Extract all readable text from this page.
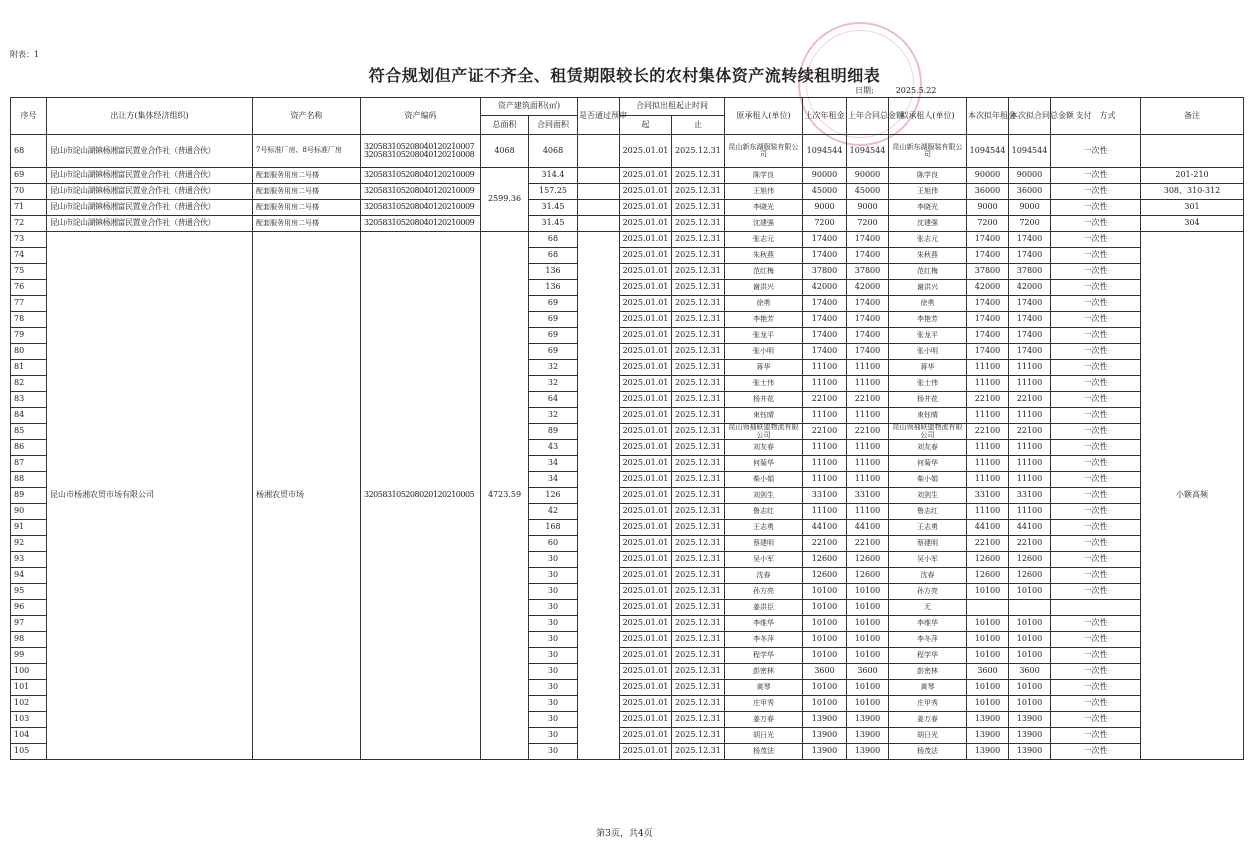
附表：1
符合规划但产证不齐全、租赁期限较长的农村集体资产流转续租明细表
日期:	2025.5.22
序号	出让方(集体经济组织)	资产名称	资产编码	资产建筑面积(㎡)		是否通过预审	合同拟出租起止时间		原承租人(单位)	上次年租金	上年合同总金额	拟承租人(单位)	本次拟年租金	本次拟合同总金额	支付　方式	备注
				总面积	合同面积		起	止								
68	昆山市淀山湖镇杨湘富民置业合作社（普通合伙）	7号标准厂房、8号标准厂房	320583105208040120210007
320583105208040120210008	4068	4068		2025.01.01	2025.12.31	昆山新东湖服装有限公司	1094544	1094544	昆山新东湖服装有限公司	1094544	1094544	一次性	
69	昆山市淀山湖镇杨湘富民置业合作社（普通合伙）	配套服务用房二号楼	320583105208040120210009	2599.36	314.4		2025.01.01	2025.12.31	陈学良	90000	90000	陈学良	90000	90000	一次性	201-210
70	昆山市淀山湖镇杨湘富民置业合作社（普通合伙）	配套服务用房二号楼	320583105208040120210009		157.25		2025.01.01	2025.12.31	王旭伟	45000	45000	王旭伟	36000	36000	一次性	308、310-312
71	昆山市淀山湖镇杨湘富民置业合作社（普通合伙）	配套服务用房二号楼	320583105208040120210009		31.45		2025.01.01	2025.12.31	李晓光	9000	9000	李晓光	9000	9000	一次性	301
72	昆山市淀山湖镇杨湘富民置业合作社（普通合伙）	配套服务用房二号楼	320583105208040120210009		31.45		2025.01.01	2025.12.31	沈建强	7200	7200	沈建强	7200	7200	一次性	304
73	昆山市杨湘农贸市场有限公司	杨湘农贸市场	320583105208020120210005	4723.59	68		2025.01.01	2025.12.31	张志元	17400	17400	张志元	17400	17400	一次性	小额高频
74					68		2025.01.01	2025.12.31	朱秋燕	17400	17400	朱秋燕	17400	17400	一次性	
75					136		2025.01.01	2025.12.31	范红梅	37800	37800	范红梅	37800	37800	一次性	
76					136		2025.01.01	2025.12.31	谢洪兴	42000	42000	谢洪兴	42000	42000	一次性	
77					69		2025.01.01	2025.12.31	徐勇	17400	17400	徐勇	17400	17400	一次性	
78					69		2025.01.01	2025.12.31	李艳芳	17400	17400	李艳芳	17400	17400	一次性	
79					69		2025.01.01	2025.12.31	张龙平	17400	17400	张龙平	17400	17400	一次性	
80					69		2025.01.01	2025.12.31	张小明	17400	17400	张小明	17400	17400	一次性	
81					32		2025.01.01	2025.12.31	蒋华	11100	11100	蒋华	11100	11100	一次性	
82					32		2025.01.01	2025.12.31	张士伟	11100	11100	张士伟	11100	11100	一次性	
83					64		2025.01.01	2025.12.31	杨井花	22100	22100	杨井花	22100	22100	一次性	
84					32		2025.01.01	2025.12.31	束钰晴	11100	11100	束钰晴	11100	11100	一次性	
85					89		2025.01.01	2025.12.31	昆山领袖联盟物流有限公司	22100	22100	昆山领袖联盟物流有限公司	22100	22100	一次性	
86					43		2025.01.01	2025.12.31	刘友春	11100	11100	刘友春	11100	11100	一次性	
87					34		2025.01.01	2025.12.31	何菊华	11100	11100	何菊华	11100	11100	一次性	
88					34		2025.01.01	2025.12.31	柴小娟	11100	11100	柴小娟	11100	11100	一次性	
89					126		2025.01.01	2025.12.31	刘剑生	33100	33100	刘剑生	33100	33100	一次性	
90					42		2025.01.01	2025.12.31	鲁志红	11100	11100	鲁志红	11100	11100	一次性	
91					168		2025.01.01	2025.12.31	王志勇	44100	44100	王志勇	44100	44100	一次性	
92					60		2025.01.01	2025.12.31	蔡建明	22100	22100	蔡建明	22100	22100	一次性	
93					30		2025.01.01	2025.12.31	吴小军	12600	12600	吴小军	12600	12600	一次性	
94					30		2025.01.01	2025.12.31	沈春	12600	12600	沈春	12600	12600	一次性	
95					30		2025.01.01	2025.12.31	孙方亮	10100	10100	孙方亮	10100	10100	一次性	
96					30		2025.01.01	2025.12.31	姜洪臣	10100	10100	无				
97					30		2025.01.01	2025.12.31	李维华	10100	10100	李维华	10100	10100	一次性	
98					30		2025.01.01	2025.12.31	李冬萍	10100	10100	李冬萍	10100	10100	一次性	
99					30		2025.01.01	2025.12.31	程学华	10100	10100	程学华	10100	10100	一次性	
100					30		2025.01.01	2025.12.31	彭密林	3600	3600	彭密林	3600	3600	一次性	
101					30		2025.01.01	2025.12.31	黄琴	10100	10100	黄琴	10100	10100	一次性	
102					30		2025.01.01	2025.12.31	庄甲秀	10100	10100	庄甲秀	10100	10100	一次性	
103					30		2025.01.01	2025.12.31	姜万春	13900	13900	姜万春	13900	13900	一次性	
104					30		2025.01.01	2025.12.31	胡日光	13900	13900	胡日光	13900	13900	一次性	
105					30		2025.01.01	2025.12.31	杨茂法	13900	13900	杨茂法	13900	13900	一次性	
第3页，共4页
